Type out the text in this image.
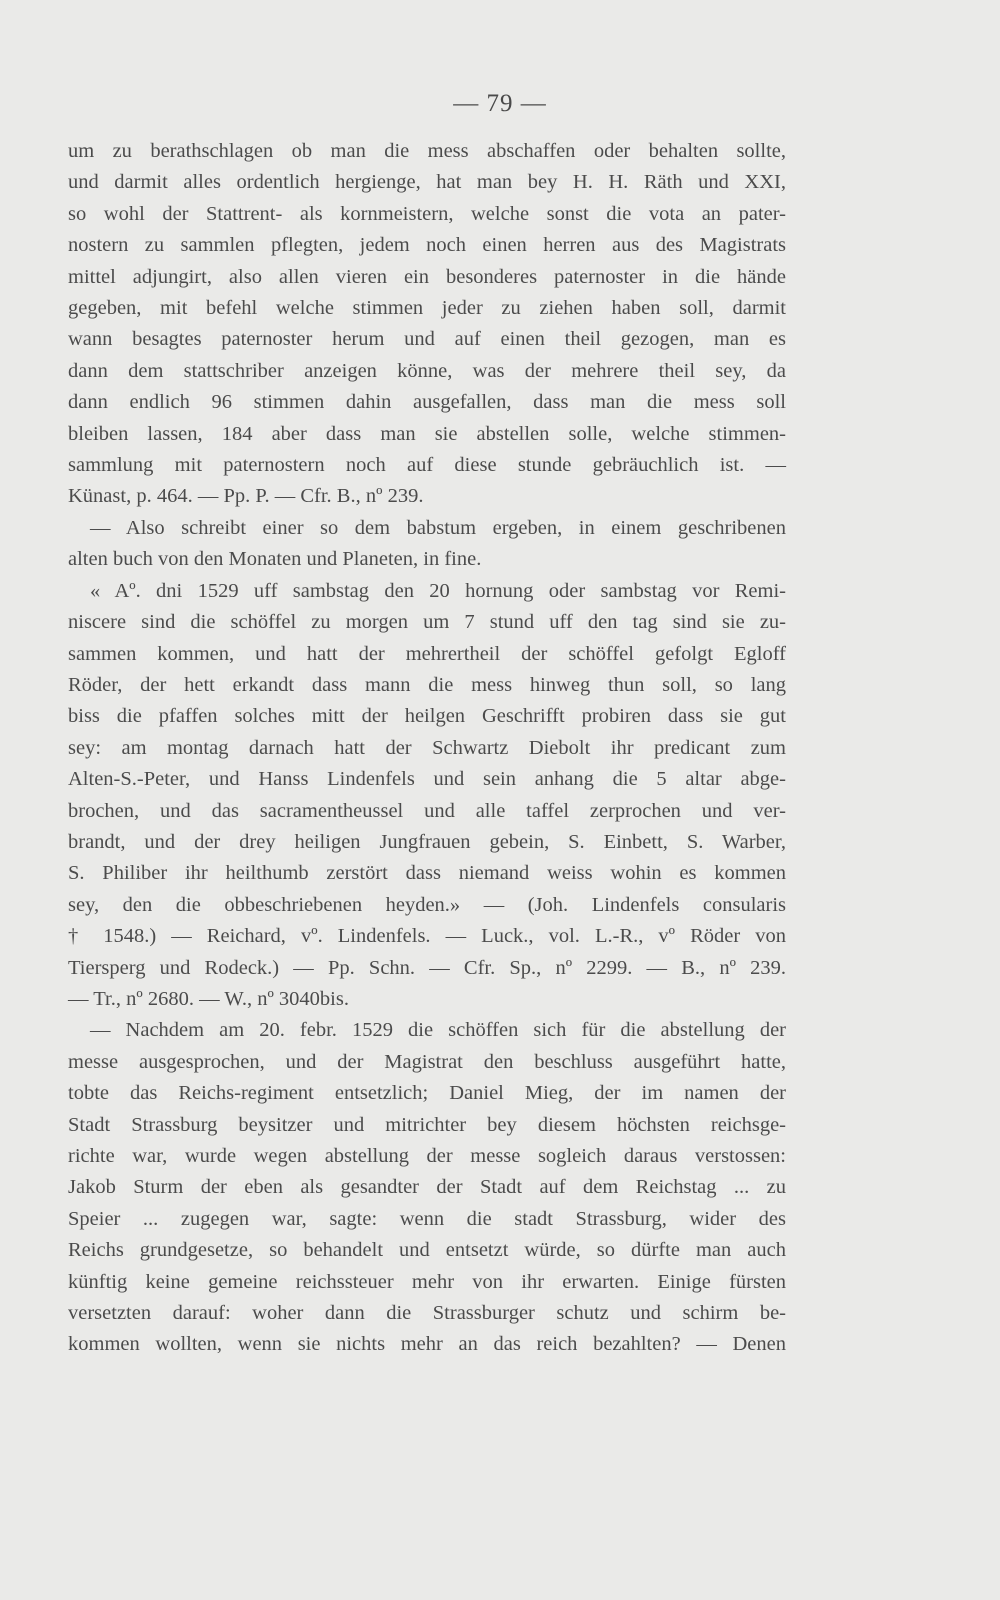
— 79 —
um zu berathschlagen ob man die mess abschaffen oder behalten sollte,
und darmit alles ordentlich hergienge, hat man bey H. H. Räth und XXI,
so wohl der Stattrent- als kornmeistern, welche sonst die vota an pater-
nostern zu sammlen pflegten, jedem noch einen herren aus des Magistrats
mittel adjungirt, also allen vieren ein besonderes paternoster in die hände
gegeben, mit befehl welche stimmen jeder zu ziehen haben soll, darmit
wann besagtes paternoster herum und auf einen theil gezogen, man es
dann dem stattschriber anzeigen könne, was der mehrere theil sey, da
dann endlich 96 stimmen dahin ausgefallen, dass man die mess soll
bleiben lassen, 184 aber dass man sie abstellen solle, welche stimmen-
sammlung mit paternostern noch auf diese stunde gebräuchlich ist. —
Künast, p. 464. — Pp. P. — Cfr. B., nº 239.
— Also schreibt einer so dem babstum ergeben, in einem geschribenen
alten buch von den Monaten und Planeten, in fine.
« Aº. dni 1529 uff sambstag den 20 hornung oder sambstag vor Remi-
niscere sind die schöffel zu morgen um 7 stund uff den tag sind sie zu-
sammen kommen, und hatt der mehrertheil der schöffel gefolgt Egloff
Röder, der hett erkandt dass mann die mess hinweg thun soll, so lang
biss die pfaffen solches mitt der heilgen Geschrifft probiren dass sie gut
sey: am montag darnach hatt der Schwartz Diebolt ihr predicant zum
Alten-S.-Peter, und Hanss Lindenfels und sein anhang die 5 altar abge-
brochen, und das sacramentheussel und alle taffel zerprochen und ver-
brandt, und der drey heiligen Jungfrauen gebein, S. Einbett, S. Warber,
S. Philiber ihr heilthumb zerstört dass niemand weiss wohin es kommen
sey, den die obbeschriebenen heyden.» — (Joh. Lindenfels consularis
† 1548.) — Reichard, vº. Lindenfels. — Luck., vol. L.-R., vº Röder von
Tiersperg und Rodeck.) — Pp. Schn. — Cfr. Sp., nº 2299. — B., nº 239.
— Tr., nº 2680. — W., nº 3040bis.
— Nachdem am 20. febr. 1529 die schöffen sich für die abstellung der
messe ausgesprochen, und der Magistrat den beschluss ausgeführt hatte,
tobte das Reichs-regiment entsetzlich; Daniel Mieg, der im namen der
Stadt Strassburg beysitzer und mitrichter bey diesem höchsten reichsge-
richte war, wurde wegen abstellung der messe sogleich daraus verstossen:
Jakob Sturm der eben als gesandter der Stadt auf dem Reichstag ... zu
Speier ... zugegen war, sagte: wenn die stadt Strassburg, wider des
Reichs grundgesetze, so behandelt und entsetzt würde, so dürfte man auch
künftig keine gemeine reichssteuer mehr von ihr erwarten. Einige fürsten
versetzten darauf: woher dann die Strassburger schutz und schirm be-
kommen wollten, wenn sie nichts mehr an das reich bezahlten? — Denen
